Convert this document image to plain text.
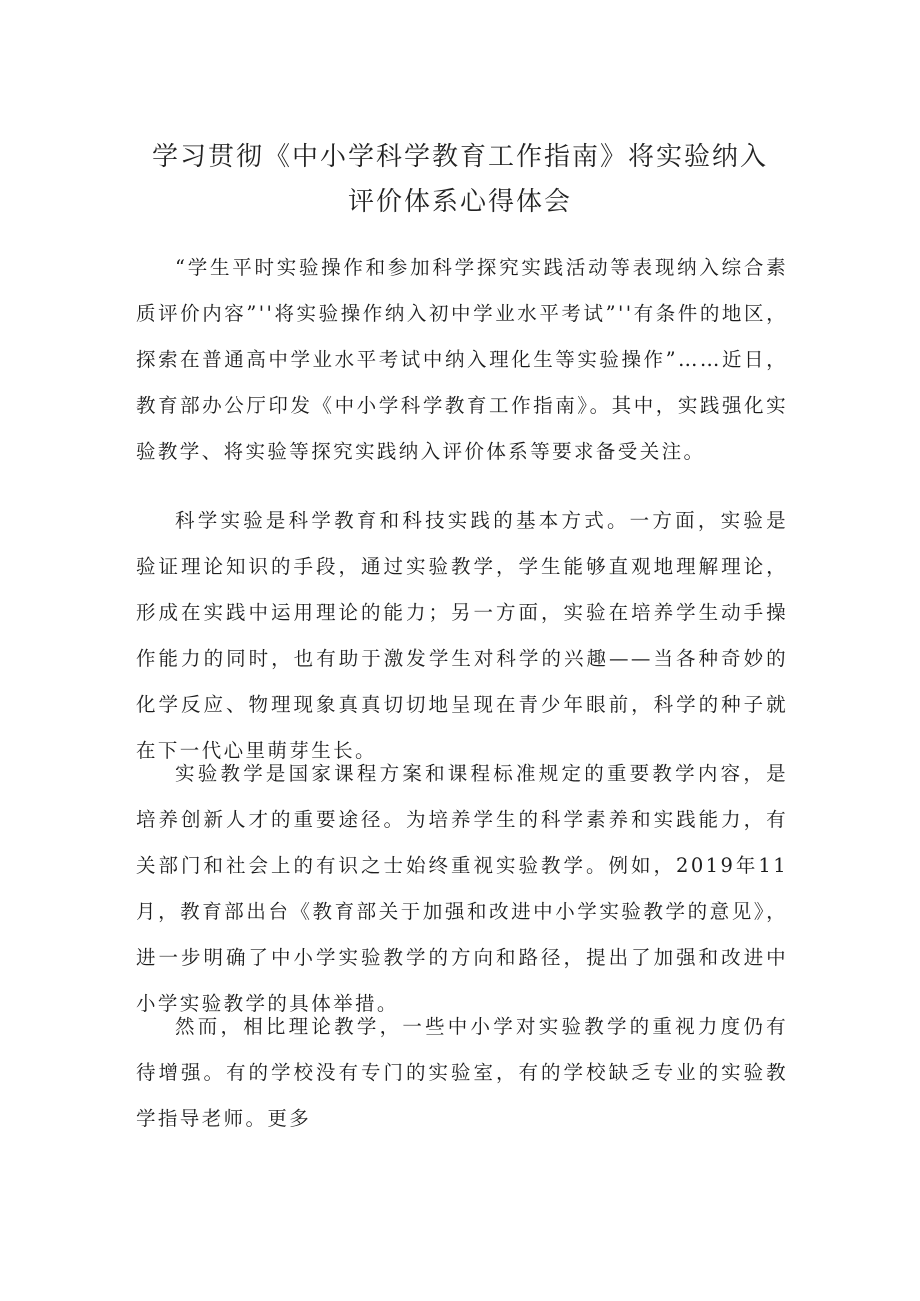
学习贯彻《中小学科学教育工作指南》将实验纳入
评价体系心得体会

“学生平时实验操作和参加科学探究实践活动等表现纳入综合素质评价内容”''将实验操作纳入初中学业水平考试”''有条件的地区，探索在普通高中学业水平考试中纳入理化生等实验操作”……近日，教育部办公厅印发《中小学科学教育工作指南》。其中，实践强化实验教学、将实验等探究实践纳入评价体系等要求备受关注。

科学实验是科学教育和科技实践的基本方式。一方面，实验是验证理论知识的手段，通过实验教学，学生能够直观地理解理论，形成在实践中运用理论的能力；另一方面，实验在培养学生动手操作能力的同时，也有助于激发学生对科学的兴趣——当各种奇妙的化学反应、物理现象真真切切地呈现在青少年眼前，科学的种子就在下一代心里萌芽生长。

实验教学是国家课程方案和课程标准规定的重要教学内容，是培养创新人才的重要途径。为培养学生的科学素养和实践能力，有关部门和社会上的有识之士始终重视实验教学。例如，2019年11月，教育部出台《教育部关于加强和改进中小学实验教学的意见》，进一步明确了中小学实验教学的方向和路径，提出了加强和改进中小学实验教学的具体举措。

然而，相比理论教学，一些中小学对实验教学的重视力度仍有待增强。有的学校没有专门的实验室，有的学校缺乏专业的实验教学指导老师。更多
